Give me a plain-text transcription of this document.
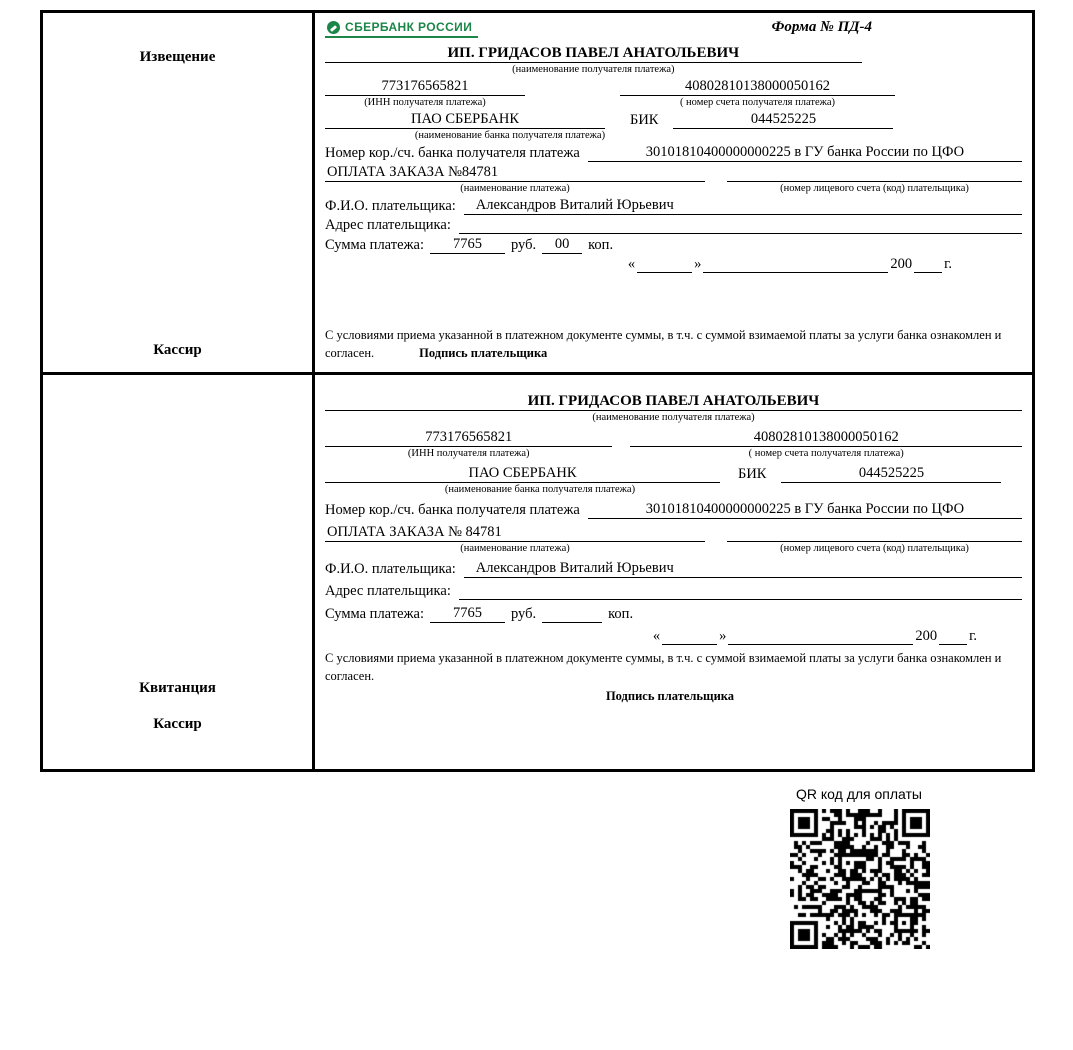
Извещение
Кассир
СБЕРБАНК РОССИИ	Форма № ПД-4
ИП. ГРИДАСОВ ПАВЕЛ АНАТОЛЬЕВИЧ
(наименование получателя платежа)
773176565821	40802810138000050162
(ИНН получателя платежа)	( номер счета получателя платежа)
ПАО СБЕРБАНК	БИК	044525225
(наименование банка получателя платежа)
Номер кор./сч. банка получателя платежа	30101810400000000225 в ГУ банка России по ЦФО
ОПЛАТА ЗАКАЗА №84781
(наименование платежа)	(номер лицевого счета (код) плательщика)
Ф.И.О. плательщика:	Александров Виталий Юрьевич
Адрес плательщика:
Сумма платежа:	7765	руб.	00	коп.
«	»	200 г.
С условиями приема указанной в платежном документе суммы, в т.ч. с суммой взимаемой платы за услуги банка ознакомлен и согласен.	Подпись плательщика
Квитанция
Кассир
ИП. ГРИДАСОВ ПАВЕЛ АНАТОЛЬЕВИЧ
(наименование получателя платежа)
773176565821	40802810138000050162
(ИНН получателя платежа)	( номер счета получателя платежа)
ПАО СБЕРБАНК	БИК	044525225
(наименование банка получателя платежа)
Номер кор./сч. банка получателя платежа	30101810400000000225 в ГУ банка России по ЦФО
ОПЛАТА ЗАКАЗА № 84781
(наименование платежа)	(номер лицевого счета (код) плательщика)
Ф.И.О. плательщика:	Александров Виталий Юрьевич
Адрес плательщика:
Сумма платежа:	7765	руб.	коп.
«	»	200 г.
С условиями приема указанной в платежном документе суммы, в т.ч. с суммой взимаемой платы за услуги банка ознакомлен и согласен.
Подпись плательщика
QR код для оплаты
